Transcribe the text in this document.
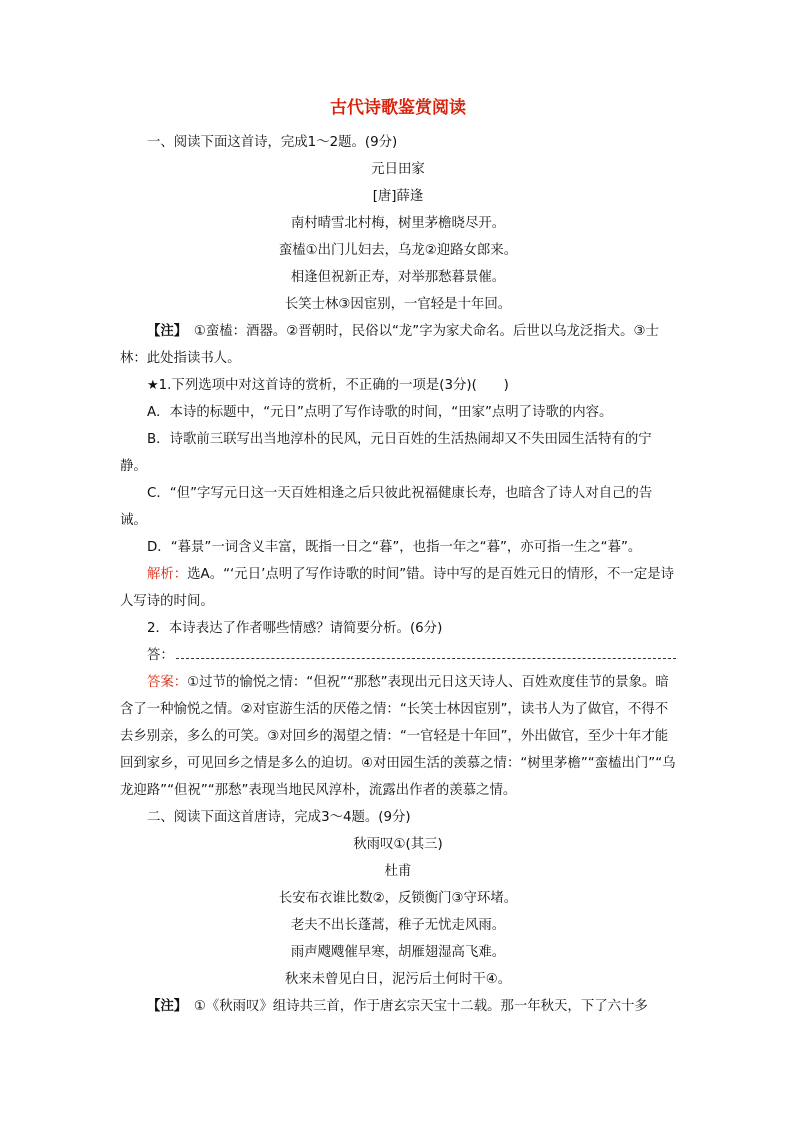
古代诗歌鉴赏阅读

一、阅读下面这首诗，完成1～2题。(9分)

元日田家

[唐]薛逢

南村晴雪北村梅，树里茅檐晓尽开。

蛮榼①出门儿妇去，乌龙②迎路女郎来。

相逢但祝新正寿，对举那愁暮景催。

长笑士林③因宦别，一官轻是十年回。

【注】　 ①蛮榼：酒器。②晋朝时，民俗以“龙”字为家犬命名。后世以乌龙泛指犬。③士林：此处指读书人。

★1.下列选项中对这首诗的赏析，不正确的一项是(3分)(　　)

A．本诗的标题中，“元日”点明了写作诗歌的时间，“田家”点明了诗歌的内容。

B．诗歌前三联写出当地淳朴的民风，元日百姓的生活热闹却又不失田园生活特有的宁静。

C．“但”字写元日这一天百姓相逢之后只彼此祝福健康长寿，也暗含了诗人对自己的告诫。

D．“暮景”一词含义丰富，既指一日之“暮”，也指一年之“暮”，亦可指一生之“暮”。

解析：选A。“‘元日’点明了写作诗歌的时间”错。诗中写的是百姓元日的情形，不一定是诗人写诗的时间。

2．本诗表达了作者哪些情感？请简要分析。(6分)

答：

答案：①过节的愉悦之情：“但祝”“那愁”表现出元日这天诗人、百姓欢度佳节的景象。暗含了一种愉悦之情。②对宦游生活的厌倦之情：“长笑士林因宦别”，读书人为了做官，不得不去乡别亲，多么的可笑。③对回乡的渴望之情：“一官轻是十年回”，外出做官，至少十年才能回到家乡，可见回乡之情是多么的迫切。④对田园生活的羡慕之情：“树里茅檐”“蛮榼出门”“乌龙迎路”“但祝”“那愁”表现当地民风淳朴，流露出作者的羡慕之情。

二、阅读下面这首唐诗，完成3～4题。(9分)

秋雨叹①(其三)

杜甫

长安布衣谁比数②，反锁衡门③守环堵。

老夫不出长蓬蒿，稚子无忧走风雨。

雨声飕飕催早寒，胡雁翅湿高飞难。

秋来未曾见白日，泥污后土何时干④。

【注】　 ①《秋雨叹》组诗共三首，作于唐玄宗天宝十二载。那一年秋天，下了六十多
